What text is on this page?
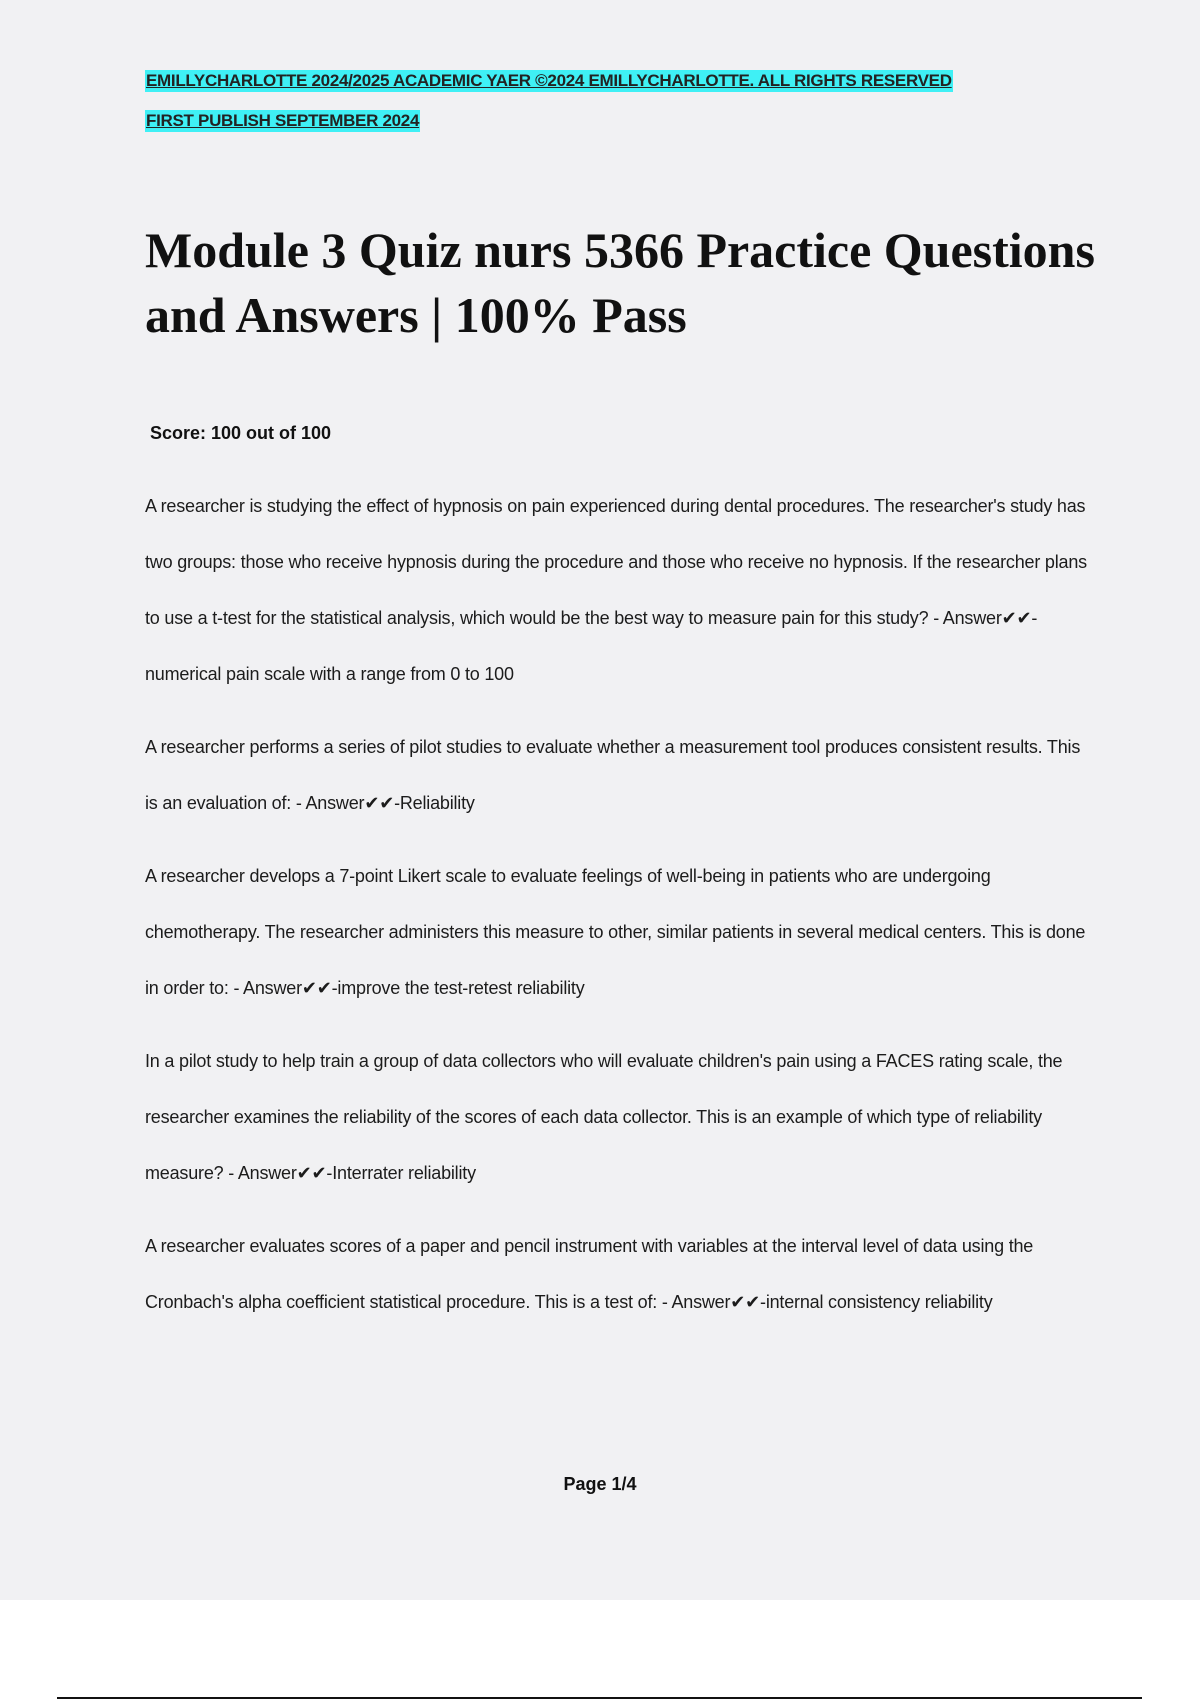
EMILLYCHARLOTTE 2024/2025 ACADEMIC YAER ©2024 EMILLYCHARLOTTE. ALL RIGHTS RESERVED
FIRST PUBLISH SEPTEMBER 2024
Module 3 Quiz nurs 5366 Practice Questions and Answers | 100% Pass
Score: 100 out of 100

A researcher is studying the effect of hypnosis on pain experienced during dental procedures. The researcher's study has two groups: those who receive hypnosis during the procedure and those who receive no hypnosis. If the researcher plans to use a t-test for the statistical analysis, which would be the best way to measure pain for this study? - Answer✔✔-numerical pain scale with a range from 0 to 100

A researcher performs a series of pilot studies to evaluate whether a measurement tool produces consistent results. This is an evaluation of: - Answer✔✔-Reliability

A researcher develops a 7-point Likert scale to evaluate feelings of well-being in patients who are undergoing chemotherapy. The researcher administers this measure to other, similar patients in several medical centers. This is done in order to: - Answer✔✔-improve the test-retest reliability

In a pilot study to help train a group of data collectors who will evaluate children's pain using a FACES rating scale, the researcher examines the reliability of the scores of each data collector. This is an example of which type of reliability measure? - Answer✔✔-Interrater reliability

A researcher evaluates scores of a paper and pencil instrument with variables at the interval level of data using the Cronbach's alpha coefficient statistical procedure. This is a test of: - Answer✔✔-internal consistency reliability

Page 1/4
